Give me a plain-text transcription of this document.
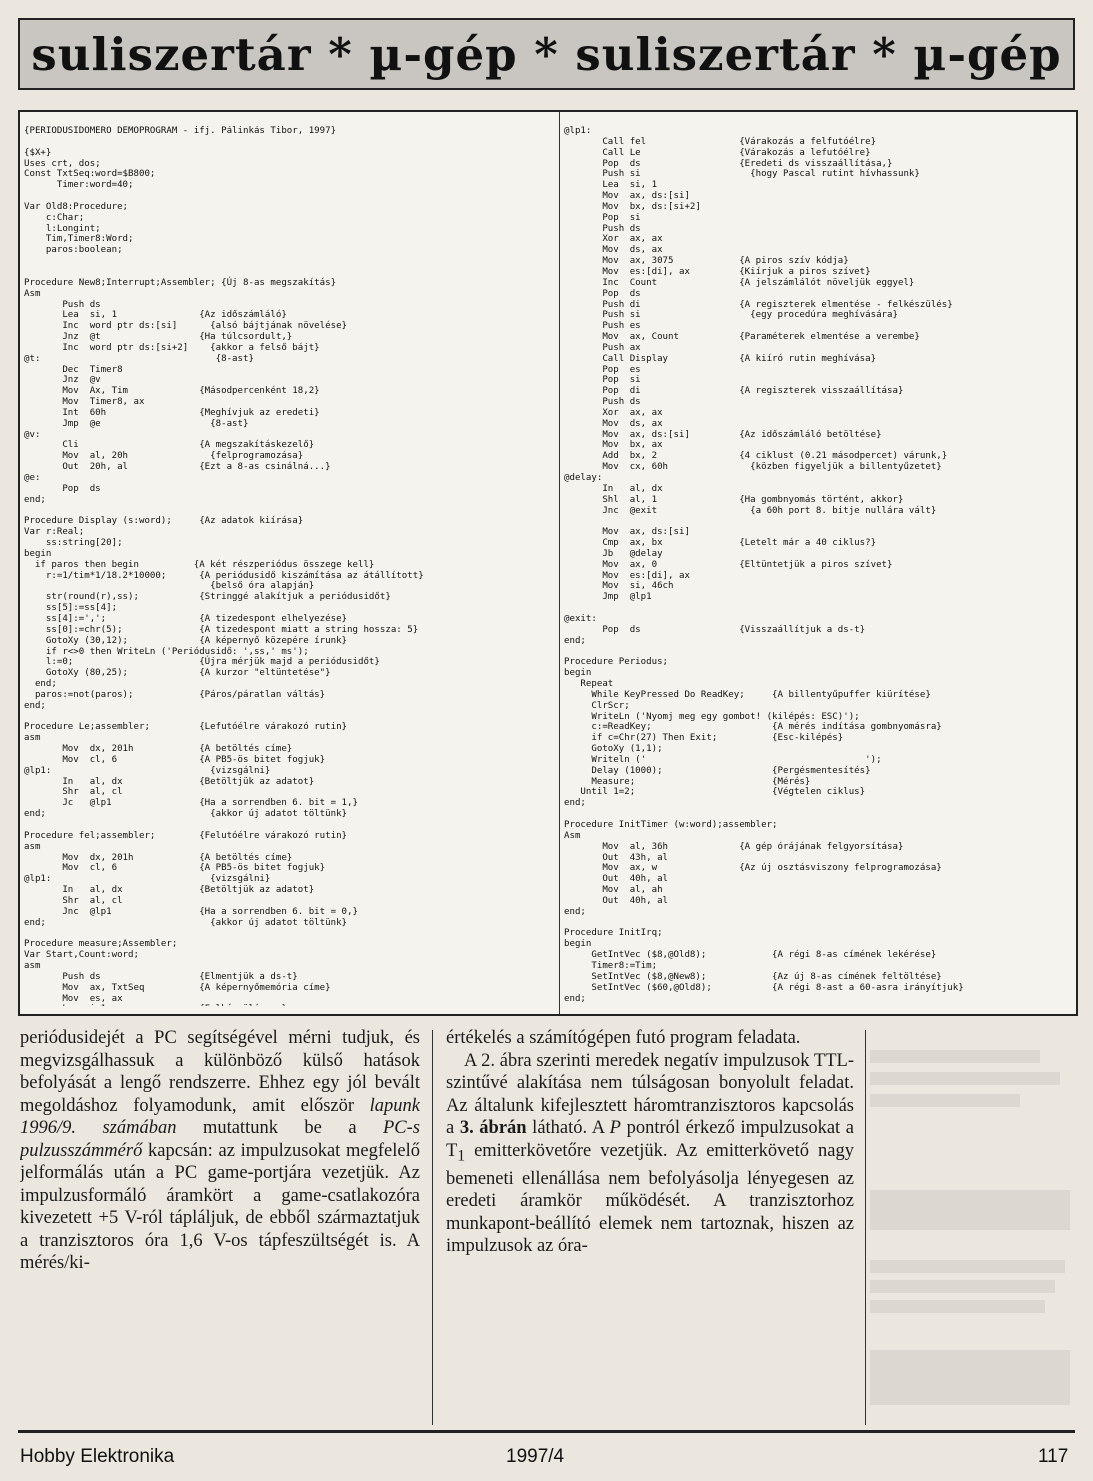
suliszertár * µ-gép * suliszertár * µ-gép
{PERIÓDUSIDŐMÉRŐ DEMÓPROGRAM - ifj. Pálinkás Tibor, 1997}

{$X+}
Uses crt, dos;
Const TxtSeq:word=$B800;
Timer:word=40;

Var Old8:Procedure;
c:Char;
l:Longint;
Tim,Timer8:Word;
paros:boolean;

Procedure New8;Interrupt;Assembler; {Új 8-as megszakítás}
Asm
Push ds
Lea  si, 1               {Az időszámláló}
Inc  word ptr ds:[si]      {alsó bájtjának növelése}
Jnz  @t                  {Ha túlcsordult,}
Inc  word ptr ds:[si+2]    {akkor a felső bájt}
@t:                                {8-ast}
Dec  Timer8
Jnz  @v
Mov  Ax, Tim             {Másodpercenként 18,2}
Mov  Timer8, ax
Int  60h                 {Meghívjuk az eredeti}
Jmp  @e                    {8-ast}
@v:
Cli                      {A megszakításkezelő}
Mov  al, 20h               {felprogramozása}
Out  20h, al             {Ezt a 8-as csinálná...}
@e:
Pop  ds
end;

Procedure Display (s:word);     {Az adatok kiírása}
Var r:Real;
ss:string[20];
begin
if paros then begin          {A két részperiódus összege kell}
r:=1/tim*1/18.2*10000;      {A periódusidő kiszámítása az átállított}
{belső óra alapján}
str(round(r),ss);           {Stringgé alakítjuk a periódusidőt}
ss[5]:=ss[4];
ss[4]:=',';                 {A tizedespont elhelyezése}
ss[0]:=chr(5);              {A tizedespont miatt a string hossza: 5}
GotoXy (30,12);             {A képernyő közepére írunk}
if r<>0 then WriteLn ('Periódusidő: ',ss,' ms');
l:=0;                       {Újra mérjük majd a periódusidőt}
GotoXy (80,25);             {A kurzor "eltüntetése"}
end;
paros:=not(paros);            {Páros/páratlan váltás}
end;

Procedure Le;assembler;         {Lefutóélre várakozó rutin}
asm
Mov  dx, 201h            {A betöltés címe}
Mov  cl, 6               {A PB5-ös bitet fogjuk}
@lp1:                             {vizsgálni}
In   al, dx              {Betöltjük az adatot}
Shr  al, cl
Jc   @lp1                {Ha a sorrendben 6. bit = 1,}
end;                              {akkor új adatot töltünk}

Procedure fel;assembler;        {Felutóélre várakozó rutin}
asm
Mov  dx, 201h            {A betöltés címe}
Mov  cl, 6               {A PB5-ös bitet fogjuk}
@lp1:                             {vizsgálni}
In   al, dx              {Betöltjük az adatot}
Shr  al, cl
Jnc  @lp1                {Ha a sorrendben 6. bit = 0,}
end;                              {akkor új adatot töltünk}

Procedure measure;Assembler;
Var Start,Count:word;
asm
Push ds                  {Elmentjük a ds-t}
Mov  ax, TxtSeq          {A képernyőmemória címe}
Mov  es, ax

@lp1:
Call fel                 {Várakozás a felfutóélre}
Call Le                  {Várakozás a lefutóélre}
Pop  ds                  {Eredeti ds visszaállítása,}
Push si                    {hogy Pascal rutint hívhassunk}
Lea  si, 1
Mov  ax, ds:[si]
Mov  bx, ds:[si+2]
Pop  si
Push ds
Xor  ax, ax
Mov  ds, ax
Mov  ax, 3075            {A piros szív kódja}
Mov  es:[di], ax         {Kiírjuk a piros szívet}
Inc  Count               {A jelszámlálót növeljük eggyel}
Pop  ds
Push di                  {A regiszterek elmentése - felkészülés}
Push si                    {egy procedúra meghívására}
Push es
Mov  ax, Count           {Paraméterek elmentése a verembe}
Push ax
Call Display             {A kiíró rutin meghívása}
Pop  es
Pop  si
Pop  di                  {A regiszterek visszaállítása}
Push ds
Xor  ax, ax
Mov  ds, ax
Mov  ax, ds:[si]         {Az időszámláló betöltése}
Mov  bx, ax
Add  bx, 2               {4 ciklust (0.21 másodpercet) várunk,}
Mov  cx, 60h               {közben figyeljük a billentyűzetet}
@delay:
In   al, dx
Shl  al, 1               {Ha gombnyomás történt, akkor}
Jnc  @exit                 {a 60h port 8. bitje nullára vált}

Mov  ax, ds:[si]
Cmp  ax, bx              {Letelt már a 40 ciklus?}
Jb   @delay
Mov  ax, 0               {Eltüntetjük a piros szívet}
Mov  es:[di], ax
Mov  si, 46ch
Jmp  @lp1

@exit:
Pop  ds                  {Visszaállítjuk a ds-t}
end;

Procedure Periodus;
begin
Repeat
While KeyPressed Do ReadKey;     {A billentyűpuffer kiürítése}
ClrScr;
WriteLn ('Nyomj meg egy gombot! (kilépés: ESC)');
c:=ReadKey;                      {A mérés indítása gombnyomásra}
if c=Chr(27) Then Exit;          {Esc-kilépés}
GotoXy (1,1);
Writeln ('                                        ');
Delay (1000);                    {Pergésmentesítés}
Measure;                         {Mérés}
Until 1=2;                         {Végtelen ciklus}
end;

Procedure InitTimer (w:word);assembler;
Asm
Mov  al, 36h             {A gép órájának felgyorsítása}
Out  43h, al
Mov  ax, w               {Az új osztásviszony felprogramozása}
Out  40h, al
Mov  al, ah
Out  40h, al
end;

Procedure InitIrq;
begin
GetIntVec ($8,@Old8);            {A régi 8-as címének lekérése}
Timer8:=Tim;
SetIntVec ($8,@New8);            {Az új 8-as címének feltöltése}
SetIntVec ($60,@Old8);           {A régi 8-ast a 60-asra irányítjuk}
end;

periódusidejét a PC segítségével mérni tudjuk, és megvizsgálhassuk a különböző külső hatások befolyását a lengő rendszerre. Ehhez egy jól bevált megoldáshoz folyamodunk, amit először lapunk 1996/9. számában mutattunk be a PC-s pulzusszámmérő kapcsán: az impulzusokat megfelelő jelformálás után a PC game-portjára vezetjük. Az impulzusformáló áramkört a game-csatlakozóra kivezetett +5 V-ról tápláljuk, de ebből származtatjuk a tranzisztoros óra 1,6 V-os tápfeszültségét is. A mérés/ki-

értékelés a számítógépen futó program feladata.

A 2. ábra szerinti meredek negatív impulzusok TTL-szintűvé alakítása nem túlságosan bonyolult feladat. Az általunk kifejlesztett háromtranzisztoros kapcsolás a 3. ábrán látható. A P pontról érkező impulzusokat a $T_1$ emitterkövetőre vezetjük. Az emitterkövető nagy bemeneti ellenállása nem befolyásolja lényegesen az eredeti áramkör működését. A tranzisztorhoz munkapont-beállító elemek nem tartoznak, hiszen az impulzusok az óra-

Hobby Elektronika	1997/4	117
